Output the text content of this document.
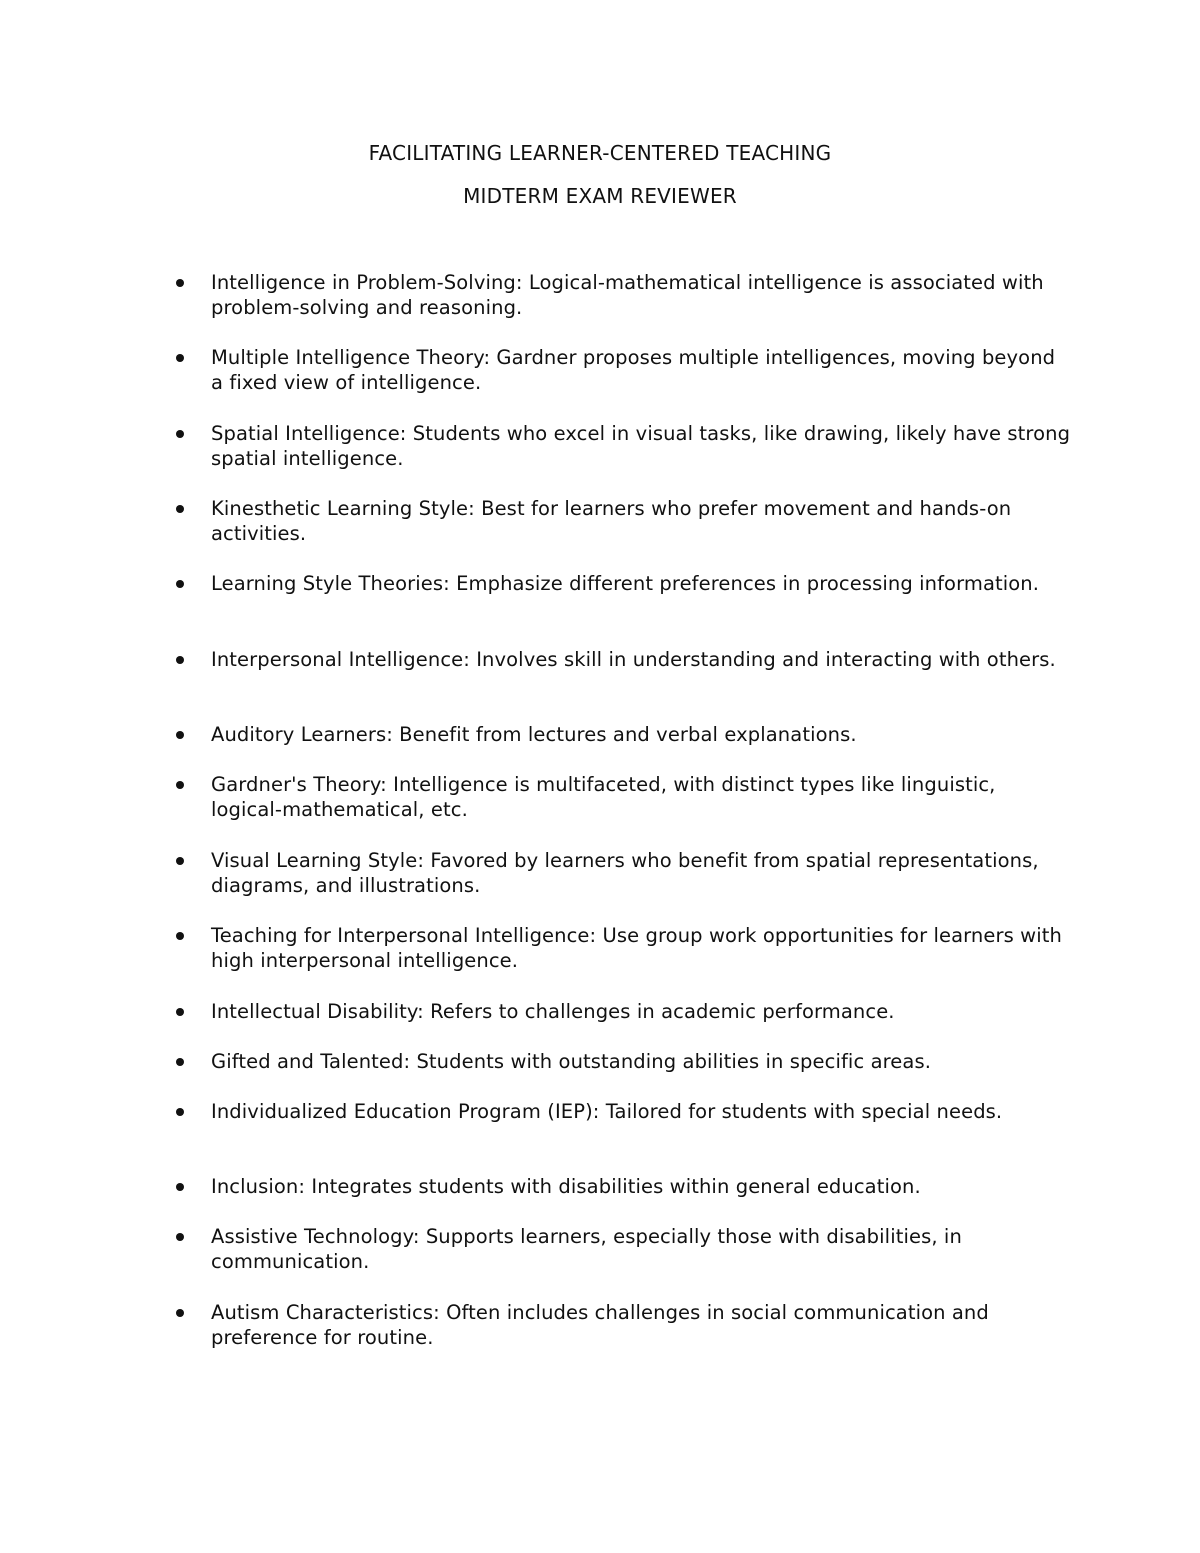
FACILITATING LEARNER-CENTERED TEACHING
MIDTERM EXAM REVIEWER
Intelligence in Problem-Solving: Logical-mathematical intelligence is associated with problem-solving and reasoning.
Multiple Intelligence Theory: Gardner proposes multiple intelligences, moving beyond a fixed view of intelligence.
Spatial Intelligence: Students who excel in visual tasks, like drawing, likely have strong spatial intelligence.
Kinesthetic Learning Style: Best for learners who prefer movement and hands-on activities.
Learning Style Theories: Emphasize different preferences in processing information.
Interpersonal Intelligence: Involves skill in understanding and interacting with others.
Auditory Learners: Benefit from lectures and verbal explanations.
Gardner's Theory: Intelligence is multifaceted, with distinct types like linguistic, logical-mathematical, etc.
Visual Learning Style: Favored by learners who benefit from spatial representations, diagrams, and illustrations.
Teaching for Interpersonal Intelligence: Use group work opportunities for learners with high interpersonal intelligence.
Intellectual Disability: Refers to challenges in academic performance.
Gifted and Talented: Students with outstanding abilities in specific areas.
Individualized Education Program (IEP): Tailored for students with special needs.
Inclusion: Integrates students with disabilities within general education.
Assistive Technology: Supports learners, especially those with disabilities, in communication.
Autism Characteristics: Often includes challenges in social communication and preference for routine.
